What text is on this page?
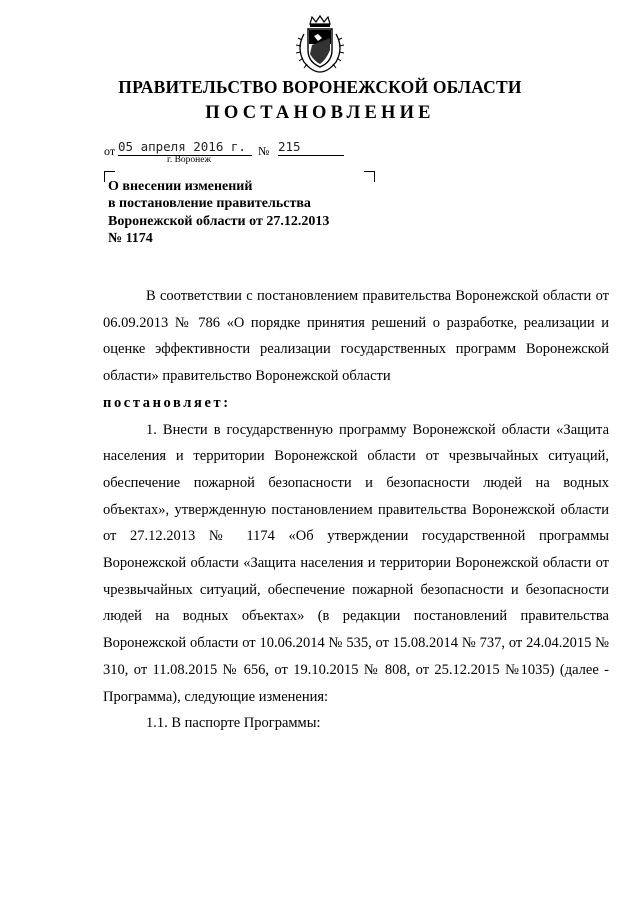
ПРАВИТЕЛЬСТВО ВОРОНЕЖСКОЙ ОБЛАСТИ
ПОСТАНОВЛЕНИЕ
от 05 апреля 2016 г.	№ 215
г. Воронеж
О внесении изменений
в постановление правительства
Воронежской области от 27.12.2013
№ 1174

В соответствии с постановлением правительства Воронежской области от 06.09.2013 № 786 «О порядке принятия решений о разработке, реализации и оценке эффективности реализации государственных программ Воронежской области» правительство Воронежской области

постановляет:

1. Внести в государственную программу Воронежской области «Защита населения и территории Воронежской области от чрезвычайных ситуаций, обеспечение пожарной безопасности и безопасности людей на водных объектах», утвержденную постановлением правительства Воронежской области от 27.12.2013 № 1174 «Об утверждении государственной программы Воронежской области «Защита населения и территории Воронежской области от чрезвычайных ситуаций, обеспечение пожарной безопасности и безопасности людей на водных объектах» (в редакции постановлений правительства Воронежской области от 10.06.2014 № 535, от 15.08.2014 № 737, от 24.04.2015 № 310, от 11.08.2015 № 656, от 19.10.2015 № 808, от 25.12.2015 №1035) (далее - Программа), следующие изменения:

1.1. В паспорте Программы:
